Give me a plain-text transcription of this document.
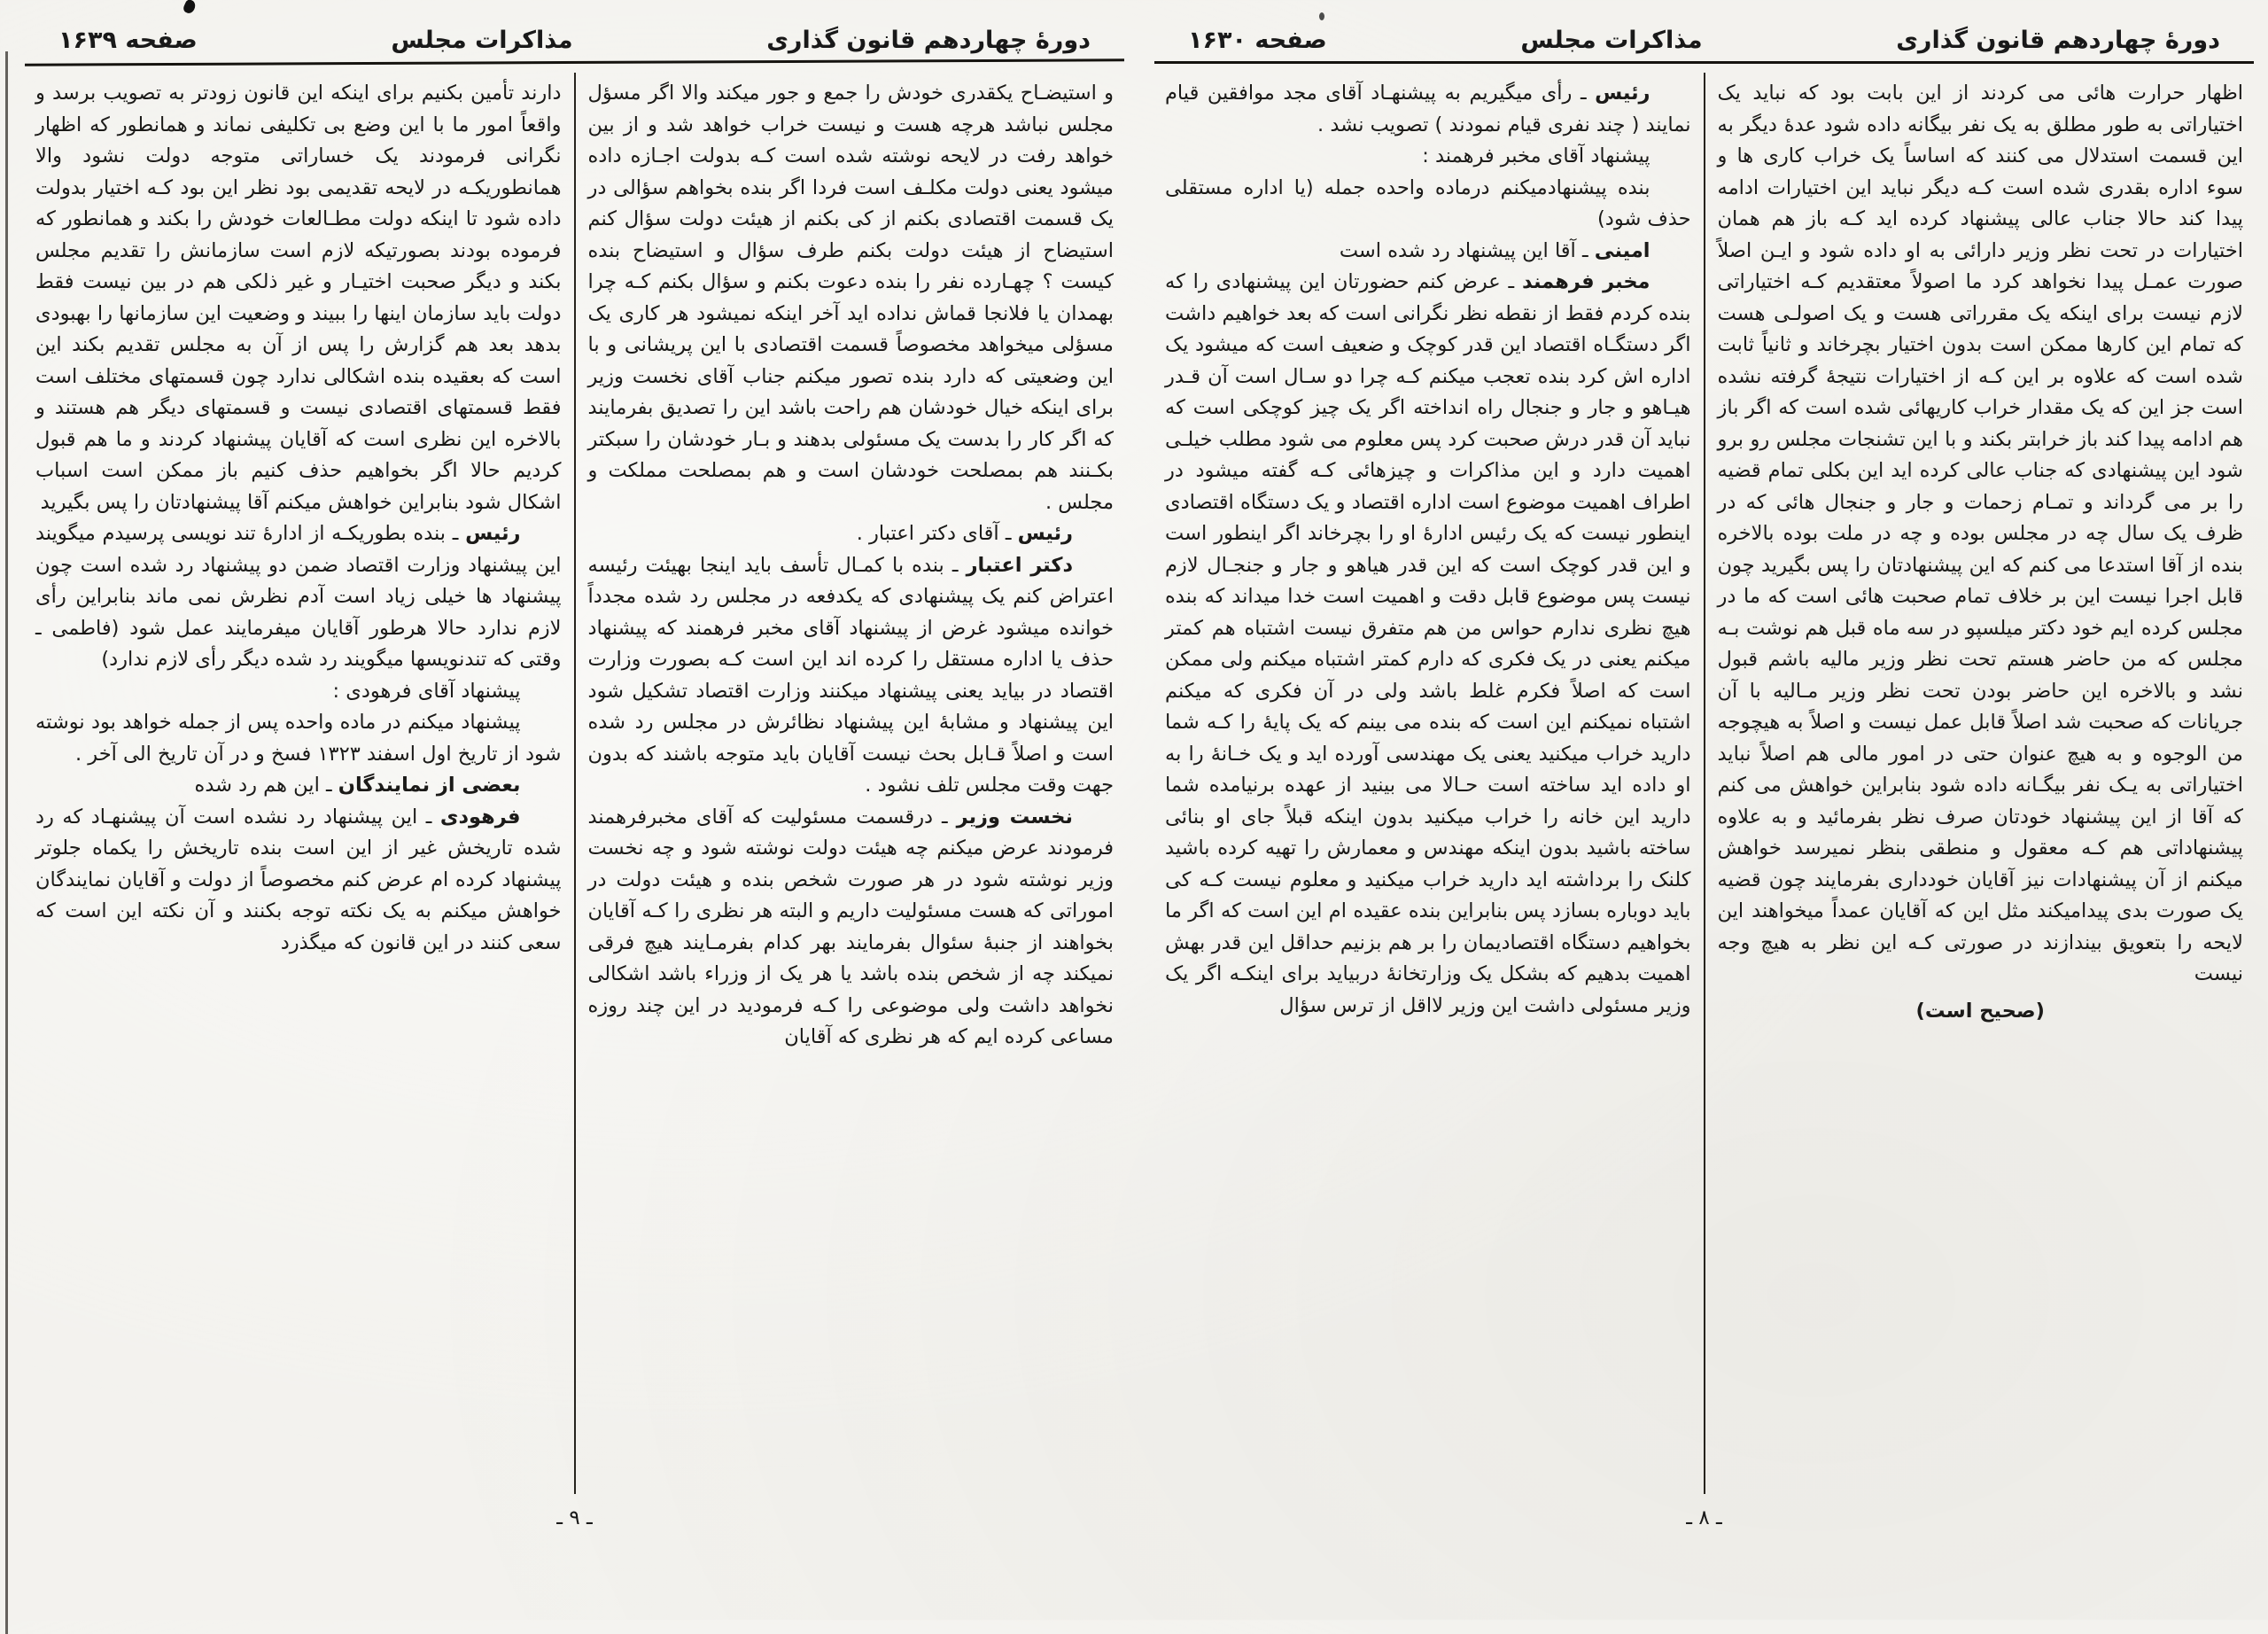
دورهٔ چهاردهم قانون گذاری
مذاکرات مجلس
صفحه ۱۶۳۰

اظهار حرارت هائی می کردند از این بابت بود که نباید یک اختیاراتی به طور مطلق به یک نفر بیگانه داده شود عدهٔ دیگر به این قسمت استدلال می کنند که اساساً یک خراب کاری ها و سوء اداره بقدری شده است کـه دیگر نباید این اختیارات ادامه پیدا کند حالا جناب عالی پیشنهاد کرده اید کـه باز هم همان اختیارات در تحت نظر وزیر دارائی به او داده شود و ایـن اصلاً صورت عمـل پیدا نخواهد کرد ما اصولاً معتقدیم کـه اختیاراتی لازم نیست برای اینکه یک مقرراتی هست و یک اصولـی هست که تمام این کارها ممکن است بدون اختیار بچرخاند و ثانیاً ثابت شده است که علاوه بر این کـه از اختیارات نتیجهٔ گرفته نشده است جز این که یک مقدار خراب کاریهائی شده است که اگر باز هم ادامه پیدا کند باز خرابتر بکند و با این تشنجات مجلس رو برو شود این پیشنهادی که جناب عالی کرده اید این بکلی تمام قضیه را بر می گرداند و تمـام زحمات و جار و جنجال هائی که در ظرف یک سال چه در مجلس بوده و چه در ملت بوده بالاخره بنده از آقا استدعا می کنم که این پیشنهادتان را پس بگیرید چون قابل اجرا نیست این بر خلاف تمام صحبت هائی است که ما در مجلس کرده ایم خود دکتر میلسپو در سه ماه قبل هم نوشت بـه مجلس که من حاضر هستم تحت نظر وزیر مالیه باشم قبول نشد و بالاخره این حاضر بودن تحت نظر وزیر مـالیه با آن جریانات که صحبت شد اصلاً قابل عمل نیست و اصلاً به هیچوجه من الوجوه و به هیچ عنوان حتی در امور مالی هم اصلاً نباید اختیاراتی به یـک نفر بیگـانه داده شود بنابراین خواهش می کنم که آقا از این پیشنهاد خودتان صرف نظر بفرمائید و به علاوه پیشنهاداتی هم کـه معقول و منطقی بنظر نمیرسد خواهش میکنم از آن پیشنهادات نیز آقایان خودداری بفرمایند چون قضیه یک صورت بدی پیدامیکند مثل این که آقایان عمداً میخواهند این لایحه را بتعویق بیندازند در صورتی کـه این نظر به هیچ وجه نیست

(صحیح است)

رئیس ـ رأی میگیریم به پیشنهـاد آقای مجد موافقین قیام نمایند ( چند نفری قیام نمودند ) تصویب نشد .

پیشنهاد آقای مخبر فرهمند :

بنده پیشنهادمیکنم درماده واحده جمله (یا اداره مستقلی حذف شود)

امینی ـ آقا این پیشنهاد رد شده است

مخبر فرهمند ـ عرض کنم حضورتان این پیشنهادی را که بنده کردم فقط از نقطه نظر نگرانی است که بعد خواهیم داشت اگر دستگـاه اقتصاد این قدر کوچک و ضعیف است که میشود یک اداره اش کرد بنده تعجب میکنم کـه چرا دو سـال است آن قـدر هیـاهو و جار و جنجال راه انداخته اگر یک چیز کوچکی است که نباید آن قدر درش صحبت کرد پس معلوم می شود مطلب خیلـی اهمیت دارد و این مذاکرات و چیزهائی کـه گفته میشود در اطراف اهمیت موضوع است اداره اقتصاد و یک دستگاه اقتصادی اینطور نیست که یک رئیس ادارهٔ او را بچرخاند اگر اینطور است و این قدر کوچک است که این قدر هیاهو و جار و جنجـال لازم نیست پس موضوع قابل دقت و اهمیت است خدا میداند که بنده هیچ نظری ندارم حواس من هم متفرق نیست اشتباه هم کمتر میکنم یعنی در یک فکری که دارم کمتر اشتباه میکنم ولی ممکن است که اصلاً فکرم غلط باشد ولی در آن فکری که میکنم اشتباه نمیکنم این است که بنده می بینم که یک پایهٔ را کـه شما دارید خراب میکنید یعنی یک مهندسی آورده اید و یک خـانهٔ را به او داده اید ساخته است حـالا می بینید از عهده برنیامده شما دارید این خانه را خراب میکنید بدون اینکه قبلاً جای او بنائی ساخته باشید بدون اینکه مهندس و معمارش را تهیه کرده باشید کلنک را برداشته اید دارید خراب میکنید و معلوم نیست کـه کی باید دوباره بسازد پس بنابراین بنده عقیده ام این است که اگر ما بخواهیم دستگاه اقتصادیمان را بر هم بزنیم حداقل این قدر بهش اهمیت بدهیم که بشکل یک وزارتخانهٔ دربیاید برای اینکـه اگر یک وزیر مسئولی داشت این وزیر لااقل از ترس سؤال

ـ ۸ ـ
دورهٔ چهاردهم قانون گذاری
مذاکرات مجلس
صفحه ۱۶۳۹

و استیضـاح یکقدری خودش را جمع و جور میکند والا اگر مسؤل مجلس نباشد هرچه هست و نیست خراب خواهد شد و از بین خواهد رفت در لایحه نوشته شده است کـه بدولت اجـازه داده میشود یعنی دولت مکلـف است فردا اگر بنده بخواهم سؤالی در یک قسمت اقتصادی بکنم از کی بکنم از هیئت دولت سؤال کنم استیضاح از هیئت دولت بکنم طرف سؤال و استیضاح بنده کیست ؟ چهـارده نفر را بنده دعوت بکنم و سؤال بکنم کـه چرا بهمدان یا فلانجا قماش نداده اید آخر اینکه نمیشود هر کاری یک مسؤلی میخواهد مخصوصاً قسمت اقتصادی با این پریشانی و با این وضعیتی که دارد بنده تصور میکنم جناب آقای نخست وزیر برای اینکه خیال خودشان هم راحت باشد این را تصدیق بفرمایند که اگر کار را بدست یک مسئولی بدهند و بـار خودشان را سبکتر بکـنند هم بمصلحت خودشان است و هم بمصلحت مملکت و مجلس .

رئیس ـ آقای دکتر اعتبار .

دکتر اعتبار ـ بنده با کمـال تأسف باید اینجا بهیئت رئیسه اعتراض کنم یک پیشنهادی که یکدفعه در مجلس رد شده مجدداً خوانده میشود غرض از پیشنهاد آقای مخبر فرهمند که پیشنهاد حذف یا اداره مستقل را کرده اند این است کـه بصورت وزارت اقتصاد در بیاید یعنی پیشنهاد میکنند وزارت اقتصاد تشکیل شود این پیشنهاد و مشابهٔ این پیشنهاد نظائرش در مجلس رد شده است و اصلاً قـابل بحث نیست آقایان باید متوجه باشند که بدون جهت وقت مجلس تلف نشود .

نخست وزیر ـ درقسمت مسئولیت که آقای مخبرفرهمند فرمودند عرض میکنم چه هیئت دولت نوشته شود و چه نخست وزیر نوشته شود در هر صورت شخص بنده و هیئت دولت در اموراتی که هست مسئولیت داریم و البته هر نظری را کـه آقایان بخواهند از جنبهٔ سئوال بفرمایند بهر کدام بفرمـایند هیچ فرقی نمیکند چه از شخص بنده باشد یا هر یک از وزراء باشد اشکالی نخواهد داشت ولی موضوعی را کـه فرمودید در این چند روزه مساعی کرده ایم که هر نظری که آقایان

دارند تأمین بکنیم برای اینکه این قانون زودتر به تصویب برسد و واقعاً امور ما با این وضع بی تکلیفی نماند و همانطور که اظهار نگرانی فرمودند یک خساراتی متوجه دولت نشود والا همانطوریکـه در لایحه تقدیمی بود نظر این بود کـه اختیار بدولت داده شود تا اینکه دولت مطـالعات خودش را بکند و همانطور که فرموده بودند بصورتیکه لازم است سازمانش را تقدیم مجلس بکند و دیگر صحبت اختیـار و غیر ذلکی هم در بین نیست فقط دولت باید سازمان اینها را ببیند و وضعیت این سازمانها را بهبودی بدهد بعد هم گزارش را پس از آن به مجلس تقدیم بکند این است که بعقیده بنده اشکالی ندارد چون قسمتهای مختلف است فقط قسمتهای اقتصادی نیست و قسمتهای دیگر هم هستند و بالاخره این نظری است که آقایان پیشنهاد کردند و ما هم قبول کردیم حالا اگر بخواهیم حذف کنیم باز ممکن است اسباب اشکال شود بنابراین خواهش میکنم آقا پیشنهادتان را پس بگیرید

رئیس ـ بنده بطوریکـه از ادارهٔ تند نویسی پرسیدم میگویند این پیشنهاد وزارت اقتصاد ضمن دو پیشنهاد رد شده است چون پیشنهاد ها خیلی زیاد است آدم نظرش نمی ماند بنابراین رأی لازم ندارد حالا هرطور آقایان میفرمایند عمل شود (فاطمی ـ وقتی که تندنویسها میگویند رد شده دیگر رأی لازم ندارد)

پیشنهاد آقای فرهودی :

پیشنهاد میکنم در ماده واحده پس از جمله خواهد بود نوشته شود از تاریخ اول اسفند ۱۳۲۳ فسخ و در آن تاریخ الی آخر .

بعضی از نمایندگان ـ این هم رد شده

فرهودی ـ این پیشنهاد رد نشده است آن پیشنهـاد که رد شده تاریخش غیر از این است بنده تاریخش را یکماه جلوتر پیشنهاد کرده ام عرض کنم مخصوصاً از دولت و آقایان نمایندگان خواهش میکنم به یک نکته توجه بکنند و آن نکته این است که سعی کنند در این قانون که میگذرد

ـ ۹ ـ
